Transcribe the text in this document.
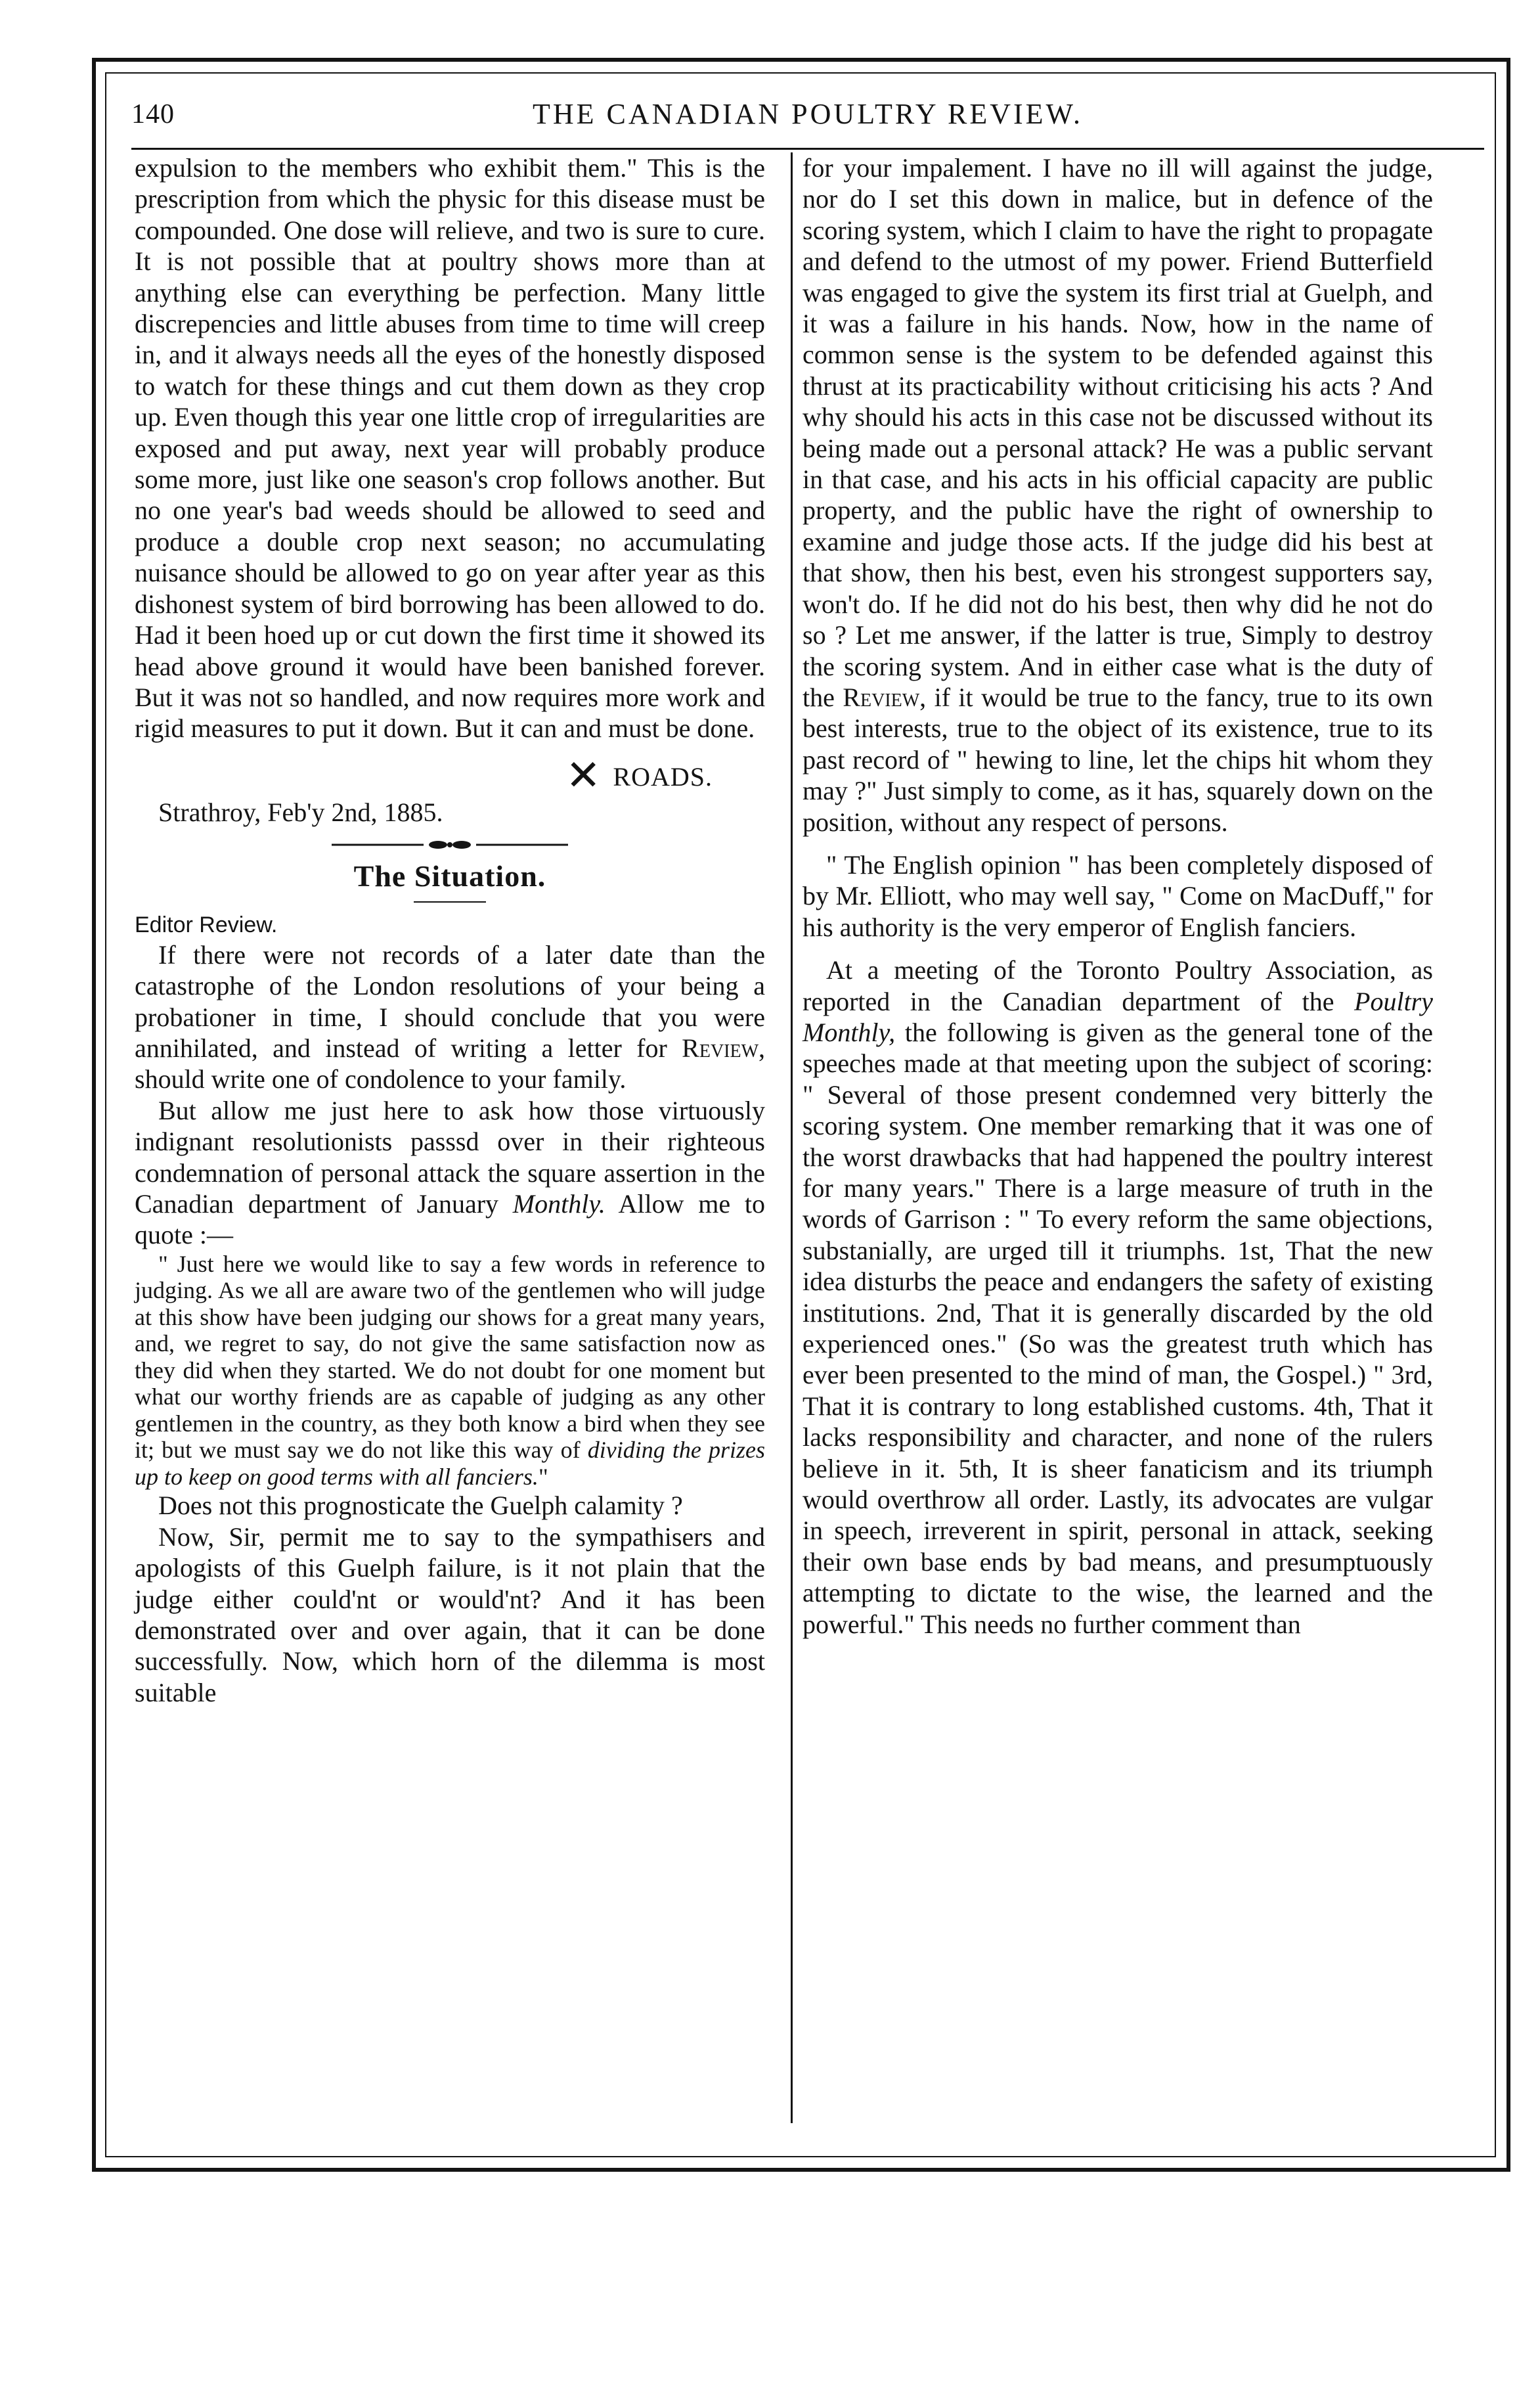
140	THE CANADIAN POULTRY REVIEW.

expulsion to the members who exhibit them." This is the prescription from which the physic for this disease must be compounded. One dose will relieve, and two is sure to cure. It is not possible that at poultry shows more than at anything else can everything be perfection. Many little discrepencies and little abuses from time to time will creep in, and it always needs all the eyes of the honestly disposed to watch for these things and cut them down as they crop up. Even though this year one little crop of irregularities are exposed and put away, next year will probably produce some more, just like one season's crop follows another. But no one year's bad weeds should be allowed to seed and produce a double crop next season; no accumulating nuisance should be allowed to go on year after year as this dishonest system of bird borrowing has been allowed to do. Had it been hoed up or cut down the first time it showed its head above ground it would have been banished forever. But it was not so handled, and now requires more work and rigid measures to put it down. But it can and must be done.

✕ ROADS.
Strathroy, Feb'y 2nd, 1885.
The Situation.
Editor Review.

If there were not records of a later date than the catastrophe of the London resolutions of your being a probationer in time, I should conclude that you were annihilated, and instead of writing a letter for Review, should write one of condolence to your family.

But allow me just here to ask how those virtuously indignant resolutionists passsd over in their righteous condemnation of personal attack the square assertion in the Canadian department of January Monthly. Allow me to quote :—

" Just here we would like to say a few words in reference to judging. As we all are aware two of the gentlemen who will judge at this show have been judging our shows for a great many years, and, we regret to say, do not give the same satisfaction now as they did when they started. We do not doubt for one moment but what our worthy friends are as capable of judging as any other gentlemen in the country, as they both know a bird when they see it; but we must say we do not like this way of dividing the prizes up to keep on good terms with all fanciers."

Does not this prognosticate the Guelph calamity ?

Now, Sir, permit me to say to the sympathisers and apologists of this Guelph failure, is it not plain that the judge either could'nt or would'nt? And it has been demonstrated over and over again, that it can be done successfully. Now, which horn of the dilemma is most suitable

for your impalement. I have no ill will against the judge, nor do I set this down in malice, but in defence of the scoring system, which I claim to have the right to propagate and defend to the utmost of my power. Friend Butterfield was engaged to give the system its first trial at Guelph, and it was a failure in his hands. Now, how in the name of common sense is the system to be defended against this thrust at its practicability without criticising his acts ? And why should his acts in this case not be discussed without its being made out a personal attack? He was a public servant in that case, and his acts in his official capacity are public property, and the public have the right of ownership to examine and judge those acts. If the judge did his best at that show, then his best, even his strongest supporters say, won't do. If he did not do his best, then why did he not do so ? Let me answer, if the latter is true, Simply to destroy the scoring system. And in either case what is the duty of the Review, if it would be true to the fancy, true to its own best interests, true to the object of its existence, true to its past record of " hewing to line, let the chips hit whom they may ?" Just simply to come, as it has, squarely down on the position, without any respect of persons.

" The English opinion " has been completely disposed of by Mr. Elliott, who may well say, " Come on MacDuff," for his authority is the very emperor of English fanciers.

At a meeting of the Toronto Poultry Association, as reported in the Canadian department of the Poultry Monthly, the following is given as the general tone of the speeches made at that meeting upon the subject of scoring: " Several of those present condemned very bitterly the scoring system. One member remarking that it was one of the worst drawbacks that had happened the poultry interest for many years." There is a large measure of truth in the words of Garrison : " To every reform the same objections, substanially, are urged till it triumphs. 1st, That the new idea disturbs the peace and endangers the safety of existing institutions. 2nd, That it is generally discarded by the old experienced ones." (So was the greatest truth which has ever been presented to the mind of man, the Gospel.) " 3rd, That it is contrary to long established customs. 4th, That it lacks responsibility and character, and none of the rulers believe in it. 5th, It is sheer fanaticism and its triumph would overthrow all order. Lastly, its advocates are vulgar in speech, irreverent in spirit, personal in attack, seeking their own base ends by bad means, and presumptuously attempting to dictate to the wise, the learned and the powerful." This needs no further comment than
